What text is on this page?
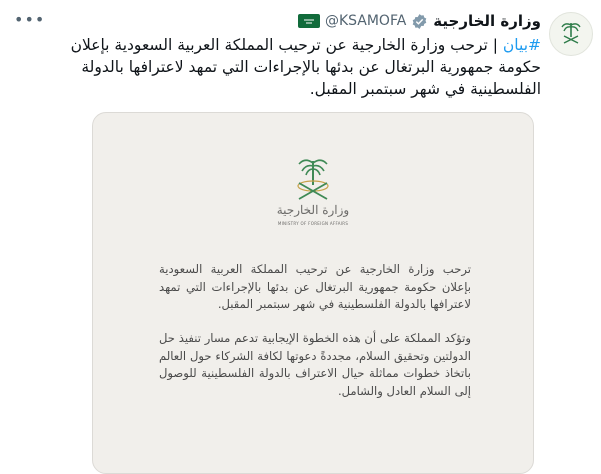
•••	وزارة الخارجية
@KSAMOFA
#بيان | ترحب وزارة الخارجية عن ترحيب المملكة العربية السعودية بإعلان حكومة جمهورية البرتغال عن بدئها بالإجراءات التي تمهد لاعترافها بالدولة الفلسطينية في شهر سبتمبر المقبل.
وزارة الخارجية
MINISTRY OF FOREIGN AFFAIRS
ترحب وزارة الخارجية عن ترحيب المملكة العربية السعودية بإعلان حكومة جمهورية البرتغال عن بدئها بالإجراءات التي تمهد لاعترافها بالدولة الفلسطينية في شهر سبتمبر المقبل.
وتؤكد المملكة على أن هذه الخطوة الإيجابية تدعم مسار تنفيذ حل الدولتين وتحقيق السلام، مجددةً دعوتها لكافة الشركاء حول العالم باتخاذ خطوات مماثلة حيال الاعتراف بالدولة الفلسطينية للوصول إلى السلام العادل والشامل.
